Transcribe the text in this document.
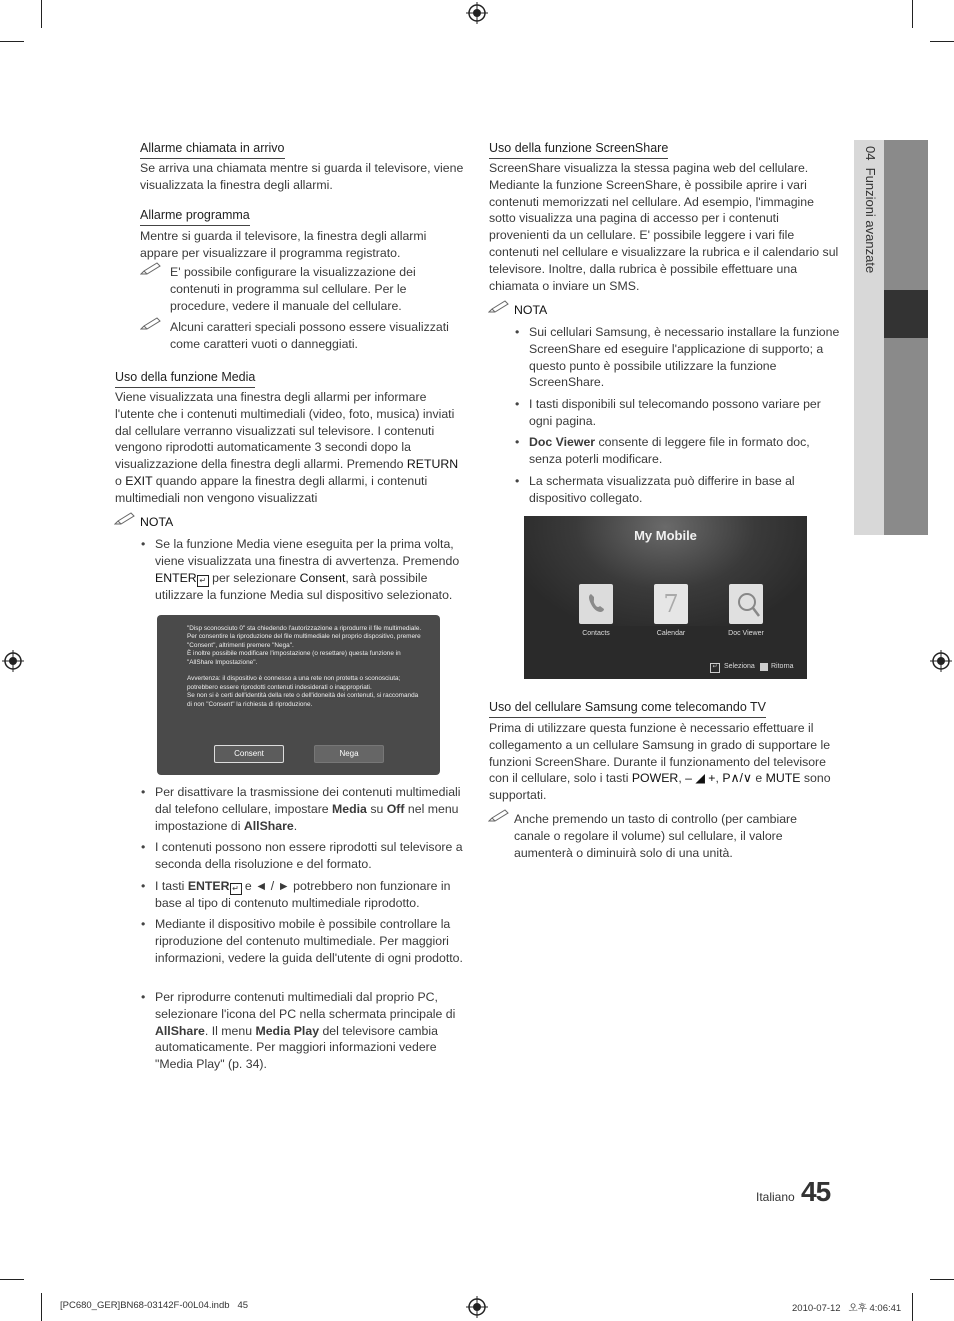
04  Funzioni avanzate
Allarme chiamata in arrivo

Se arriva una chiamata mentre si guarda il televisore, viene visualizzata la finestra degli allarmi.

Allarme programma

Mentre si guarda il televisore, la finestra degli allarmi appare per visualizzare il programma registrato.

E' possibile configurare la visualizzazione dei contenuti in programma sul cellulare. Per le procedure, vedere il manuale del cellulare.
Alcuni caratteri speciali possono essere visualizzati come caratteri vuoti o danneggiati.
Uso della funzione Media

Viene visualizzata una finestra degli allarmi per informare l'utente che i contenuti multimediali (video, foto, musica) inviati dal cellulare verranno visualizzati sul televisore. I contenuti vengono riprodotti automaticamente 3 secondi dopo la visualizzazione della finestra degli allarmi. Premendo RETURN o EXIT quando appare la finestra degli allarmi, i contenuti multimediali non vengono visualizzati

NOTA
• Se la funzione Media viene eseguita per la prima volta, viene visualizzata una finestra di avvertenza. Premendo ENTER ↵ per selezionare Consent, sarà possibile utilizzare la funzione Media sul dispositivo selezionato.
"Disp sconosciuto 0" sta chiedendo l'autorizzazione a riprodurre il file multimediale.
Per consentire la riproduzione del file multimediale nel proprio dispositivo, premere "Consent", altrimenti premere "Nega".
È inoltre possibile modificare l'impostazione (o resettare) questa funzione in "AllShare Impostazione".

Avvertenza: il dispositivo è connesso a una rete non protetta o sconosciuta; potrebbero essere riprodotti contenuti indesiderati o inappropriati.
Se non si è certi dell'identità della rete o dell'idoneità dei contenuti, si raccomanda di non "Consent" la richiesta di riproduzione.
Consent	Nega
• Per disattivare la trasmissione dei contenuti multimediali dal telefono cellulare, impostare Media su Off nel menu impostazione di AllShare.
• I contenuti possono non essere riprodotti sul televisore a seconda della risoluzione e del formato.
• I tasti ENTER ↵ e ◄ / ► potrebbero non funzionare in base al tipo di contenuto multimediale riprodotto.
• Mediante il dispositivo mobile è possibile controllare la riproduzione del contenuto multimediale. Per maggiori informazioni, vedere la guida dell'utente di ogni prodotto.
• Per riprodurre contenuti multimediali dal proprio PC, selezionare l'icona del PC nella schermata principale di AllShare. Il menu Media Play del televisore cambia automaticamente. Per maggiori informazioni vedere "Media Play" (p. 34).
Uso della funzione ScreenShare

ScreenShare visualizza la stessa pagina web del cellulare. Mediante la funzione ScreenShare, è possibile aprire i vari contenuti memorizzati nel cellulare. Ad esempio, l'immagine sotto visualizza una pagina di accesso per i contenuti provenienti da un cellulare. E' possibile leggere i vari file contenuti nel cellulare e visualizzare la rubrica e il calendario sul televisore. Inoltre, dalla rubrica è possibile effettuare una chiamata o inviare un SMS.

NOTA
• Sui cellulari Samsung, è necessario installare la funzione ScreenShare ed eseguire l'applicazione di supporto; a questo punto è possibile utilizzare la funzione ScreenShare.
• I tasti disponibili sul telecomando possono variare per ogni pagina.
• Doc Viewer consente di leggere file in formato doc, senza poterli modificare.
• La schermata visualizzata può differire in base al dispositivo collegato.
My Mobile
Contacts
7
Calendar	Doc Viewer
↵ Seleziona Ritorna
Uso del cellulare Samsung come telecomando TV

Prima di utilizzare questa funzione è necessario effettuare il collegamento a un cellulare Samsung in grado di supportare le funzioni ScreenShare. Durante il funzionamento del televisore con il cellulare, solo i tasti POWER, – ◢ +, P∧/∨ e MUTE sono supportati.

Anche premendo un tasto di controllo (per cambiare canale o regolare il volume) sul cellulare, il valore aumenterà o diminuirà solo di una unità.
Italiano 45
[PC680_GER]BN68-03142F-00L04.indb   45	2010-07-12   오후 4:06:41
